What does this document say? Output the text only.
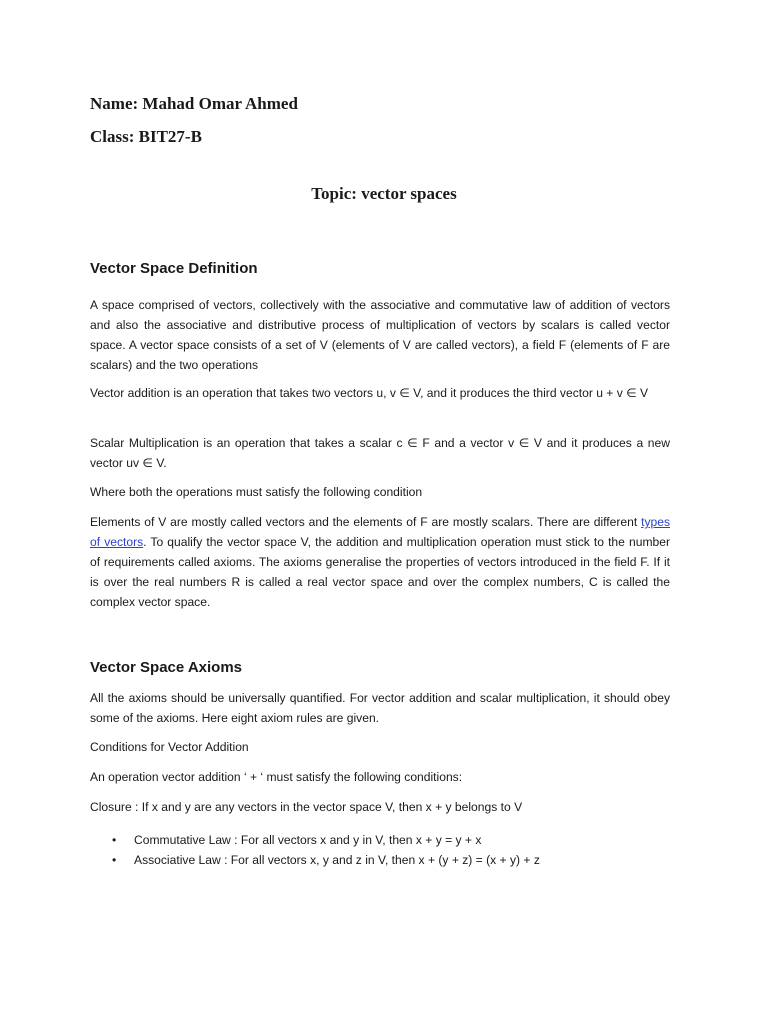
Name: Mahad Omar Ahmed
Class: BIT27-B
Topic: vector spaces
Vector Space Definition
A space comprised of vectors, collectively with the associative and commutative law of addition of vectors and also the associative and distributive process of multiplication of vectors by scalars is called vector space. A vector space consists of a set of V (elements of V are called vectors), a field F (elements of F are scalars) and the two operations
Vector addition is an operation that takes two vectors u, v ∈ V, and it produces the third vector u + v ∈ V
Scalar Multiplication is an operation that takes a scalar c ∈ F and a vector v ∈ V and it produces a new vector uv ∈ V.
Where both the operations must satisfy the following condition
Elements of V are mostly called vectors and the elements of F are mostly scalars. There are different types of vectors. To qualify the vector space V, the addition and multiplication operation must stick to the number of requirements called axioms. The axioms generalise the properties of vectors introduced in the field F. If it is over the real numbers R is called a real vector space and over the complex numbers, C is called the complex vector space.
Vector Space Axioms
All the axioms should be universally quantified. For vector addition and scalar multiplication, it should obey some of the axioms. Here eight axiom rules are given.
Conditions for Vector Addition
An operation vector addition ‘ + ‘ must satisfy the following conditions:
Closure : If x and y are any vectors in the vector space V, then x + y belongs to V
• Commutative Law : For all vectors x and y in V, then x + y = y + x
• Associative Law : For all vectors x, y and z in V, then x + (y + z) = (x + y) + z
